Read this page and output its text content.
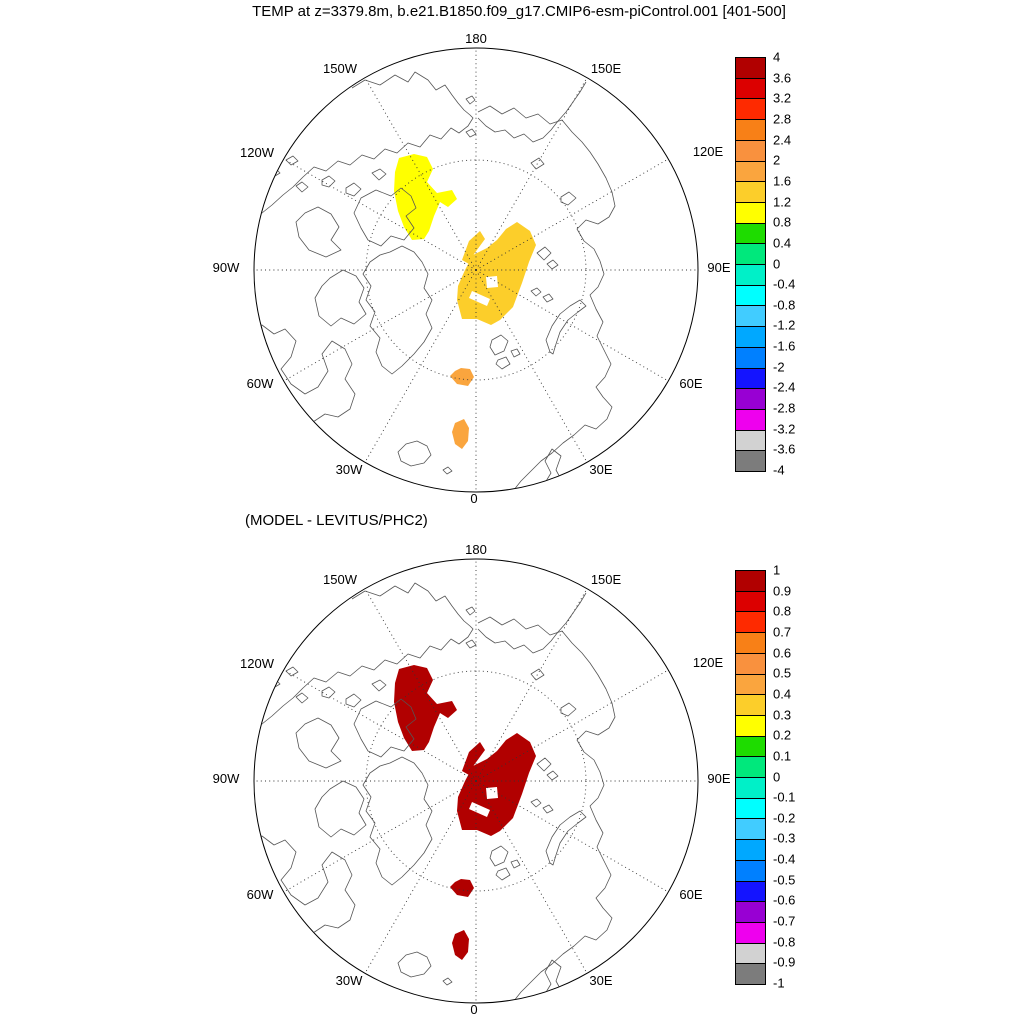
TEMP at z=3379.8m, b.e21.B1850.f09_g17.CMIP6-esm-piControl.001 [401-500]
(MODEL - LEVITUS/PHC2)
4
3.6
3.2
2.8
2.4
2
1.6
1.2
0.8
0.4
0
-0.4
-0.8
-1.2
-1.6
-2
-2.4
-2.8
-3.2
-3.6
-4
1
0.9
0.8
0.7
0.6
0.5
0.4
0.3
0.2
0.1
0
-0.1
-0.2
-0.3
-0.4
-0.5
-0.6
-0.7
-0.8
-0.9
-1
